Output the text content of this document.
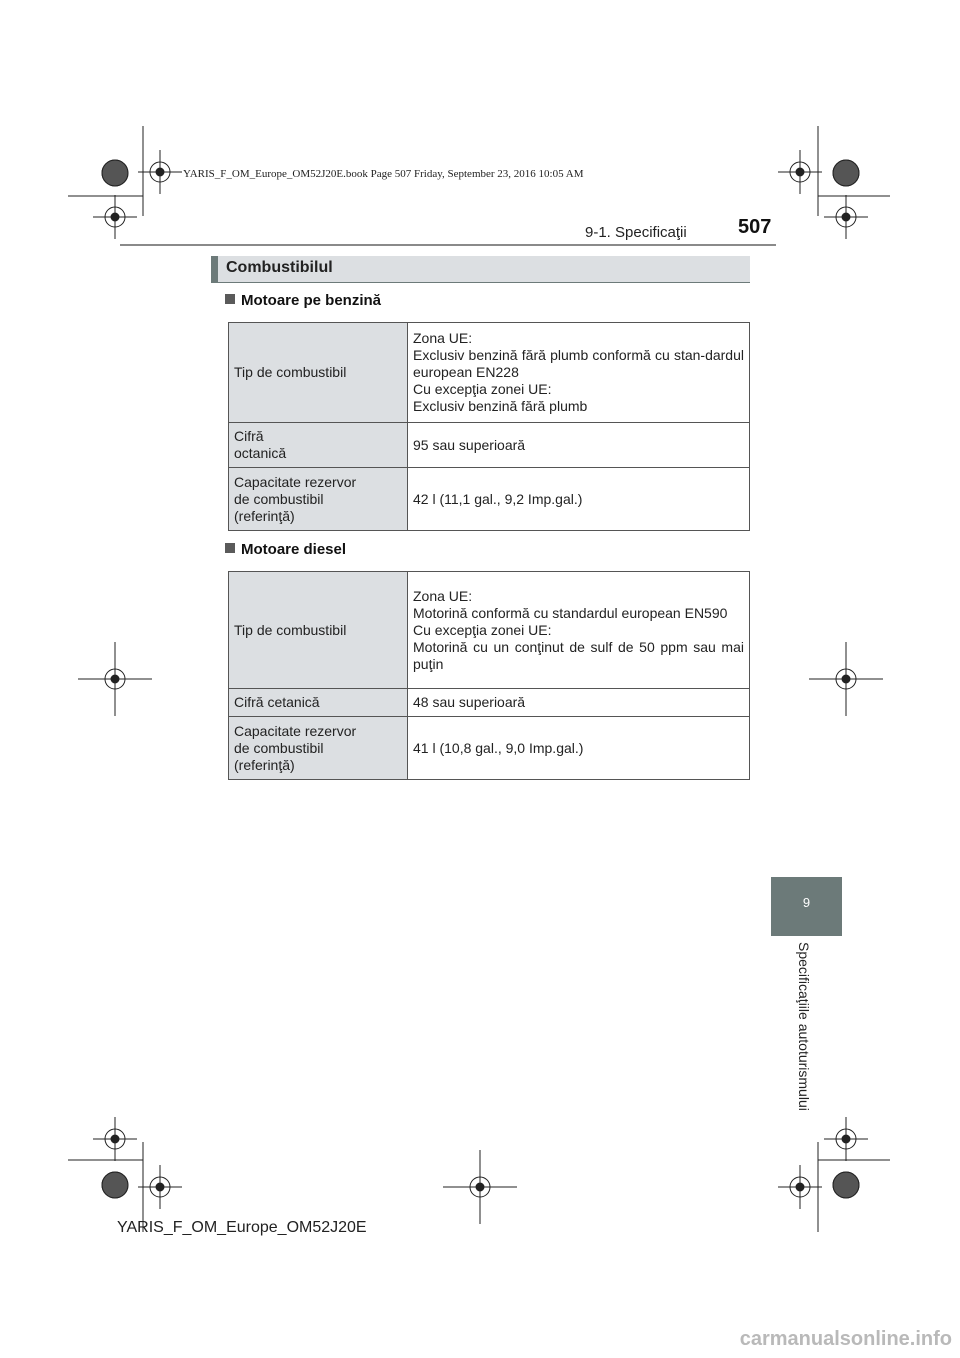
YARIS_F_OM_Europe_OM52J20E.book Page 507 Friday, September 23, 2016 10:05 AM
9-1. Specificaţii	507
Combustibilul
Motoare pe benzină
Tip de combustibil	Zona UE:
Exclusiv benzină fără plumb conformă cu stan-dardul european EN228
Cu excepţia zonei UE:
Exclusiv benzină fără plumb

Cifră
octanică	95 sau superioară

Capacitate rezervor
de combustibil
(referinţă)	42 l (11,1 gal., 9,2 Imp.gal.)
Motoare diesel
Tip de combustibil	Zona UE:
Motorină conformă cu standardul european EN590
Cu excepţia zonei UE:
Motorină cu un conţinut de sulf de 50 ppm sau mai puţin

Cifră cetanică	48 sau superioară

Capacitate rezervor
de combustibil
(referinţă)	41 l (10,8 gal., 9,0 Imp.gal.)
9
Specificaţiile autoturismului
YARIS_F_OM_Europe_OM52J20E
carmanualsonline.info
